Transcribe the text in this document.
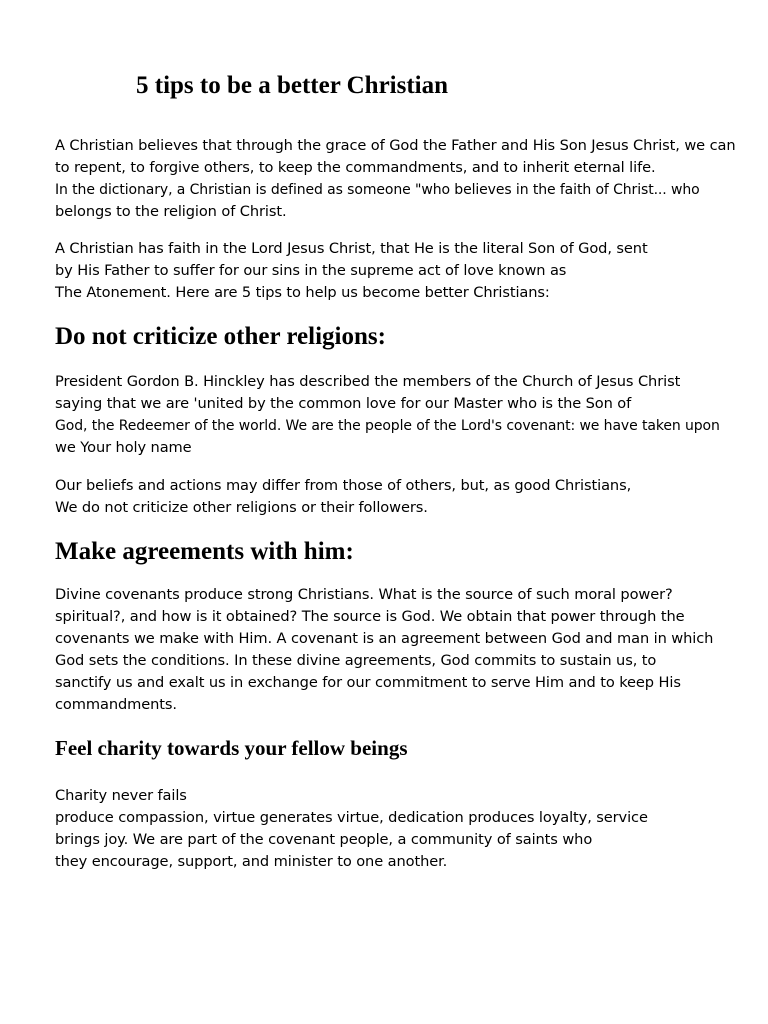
5 tips to be a better Christian
A Christian believes that through the grace of God the Father and His Son Jesus Christ, we can
to repent, to forgive others, to keep the commandments, and to inherit eternal life.
In the dictionary, a Christian is defined as someone "who believes in the faith of Christ... who
belongs to the religion of Christ.
A Christian has faith in the Lord Jesus Christ, that He is the literal Son of God, sent
by His Father to suffer for our sins in the supreme act of love known as
The Atonement. Here are 5 tips to help us become better Christians:
Do not criticize other religions:
President Gordon B. Hinckley has described the members of the Church of Jesus Christ
saying that we are 'united by the common love for our Master who is the Son of
God, the Redeemer of the world. We are the people of the Lord's covenant: we have taken upon
we Your holy name
Our beliefs and actions may differ from those of others, but, as good Christians,
We do not criticize other religions or their followers.
Make agreements with him:
Divine covenants produce strong Christians. What is the source of such moral power?
spiritual?, and how is it obtained? The source is God. We obtain that power through the
covenants we make with Him. A covenant is an agreement between God and man in which
God sets the conditions. In these divine agreements, God commits to sustain us, to
sanctify us and exalt us in exchange for our commitment to serve Him and to keep His
commandments.
Feel charity towards your fellow beings
Charity never fails
produce compassion, virtue generates virtue, dedication produces loyalty, service
brings joy. We are part of the covenant people, a community of saints who
they encourage, support, and minister to one another.
